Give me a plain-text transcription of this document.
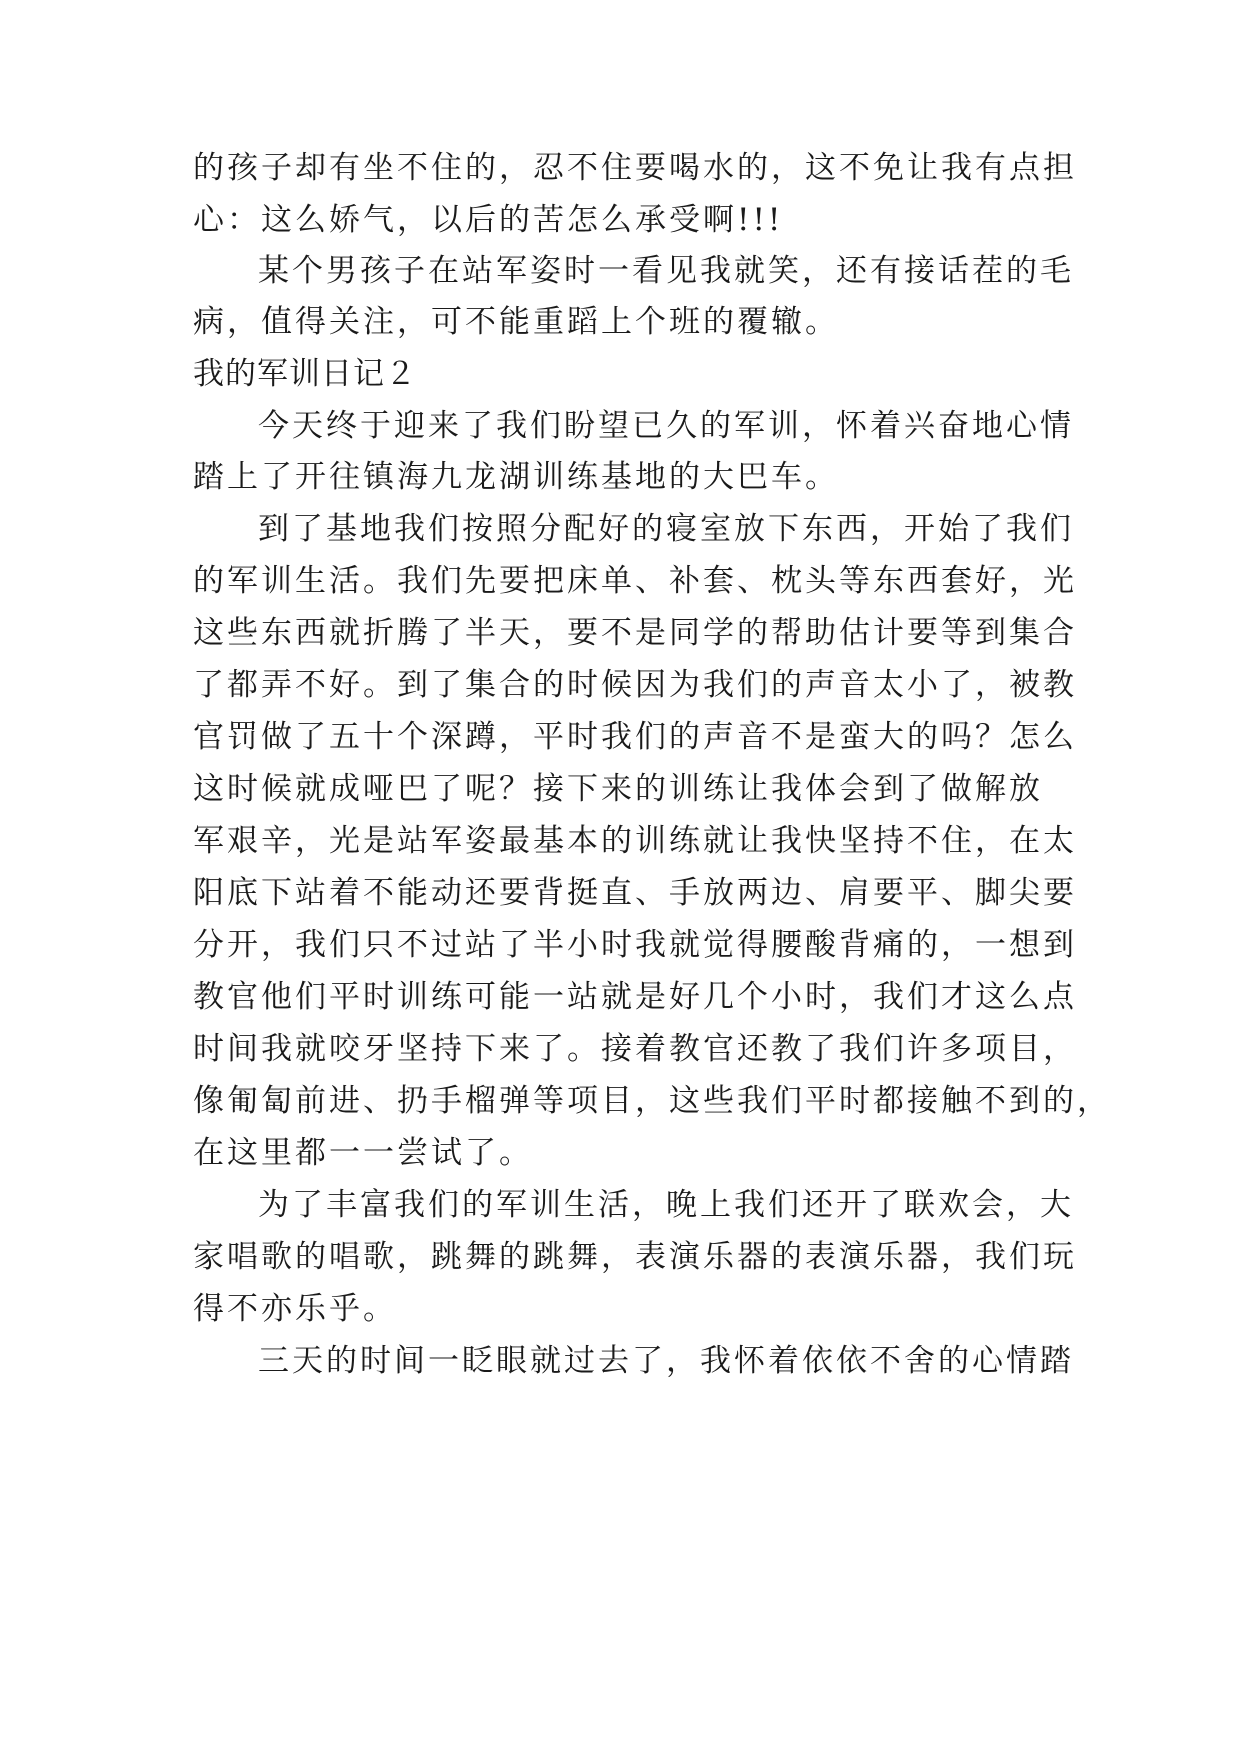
的孩子却有坐不住的，忍不住要喝水的，这不免让我有点担
心：这么娇气，以后的苦怎么承受啊!!!
某个男孩子在站军姿时一看见我就笑，还有接话茬的毛
病，值得关注，可不能重蹈上个班的覆辙。
我的军训日记２
今天终于迎来了我们盼望已久的军训，怀着兴奋地心情
踏上了开往镇海九龙湖训练基地的大巴车。
到了基地我们按照分配好的寝室放下东西，开始了我们
的军训生活。我们先要把床单、补套、枕头等东西套好，光
这些东西就折腾了半天，要不是同学的帮助估计要等到集合
了都弄不好。到了集合的时候因为我们的声音太小了，被教
官罚做了五十个深蹲，平时我们的声音不是蛮大的吗？怎么
这时候就成哑巴了呢？接下来的训练让我体会到了做解放
军艰辛，光是站军姿最基本的训练就让我快坚持不住，在太
阳底下站着不能动还要背挺直、手放两边、肩要平、脚尖要
分开，我们只不过站了半小时我就觉得腰酸背痛的，一想到
教官他们平时训练可能一站就是好几个小时，我们才这么点
时间我就咬牙坚持下来了。接着教官还教了我们许多项目，
像匍匐前进、扔手榴弹等项目，这些我们平时都接触不到的，
在这里都一一尝试了。
为了丰富我们的军训生活，晚上我们还开了联欢会，大
家唱歌的唱歌，跳舞的跳舞，表演乐器的表演乐器，我们玩
得不亦乐乎。
三天的时间一眨眼就过去了，我怀着依依不舍的心情踏
